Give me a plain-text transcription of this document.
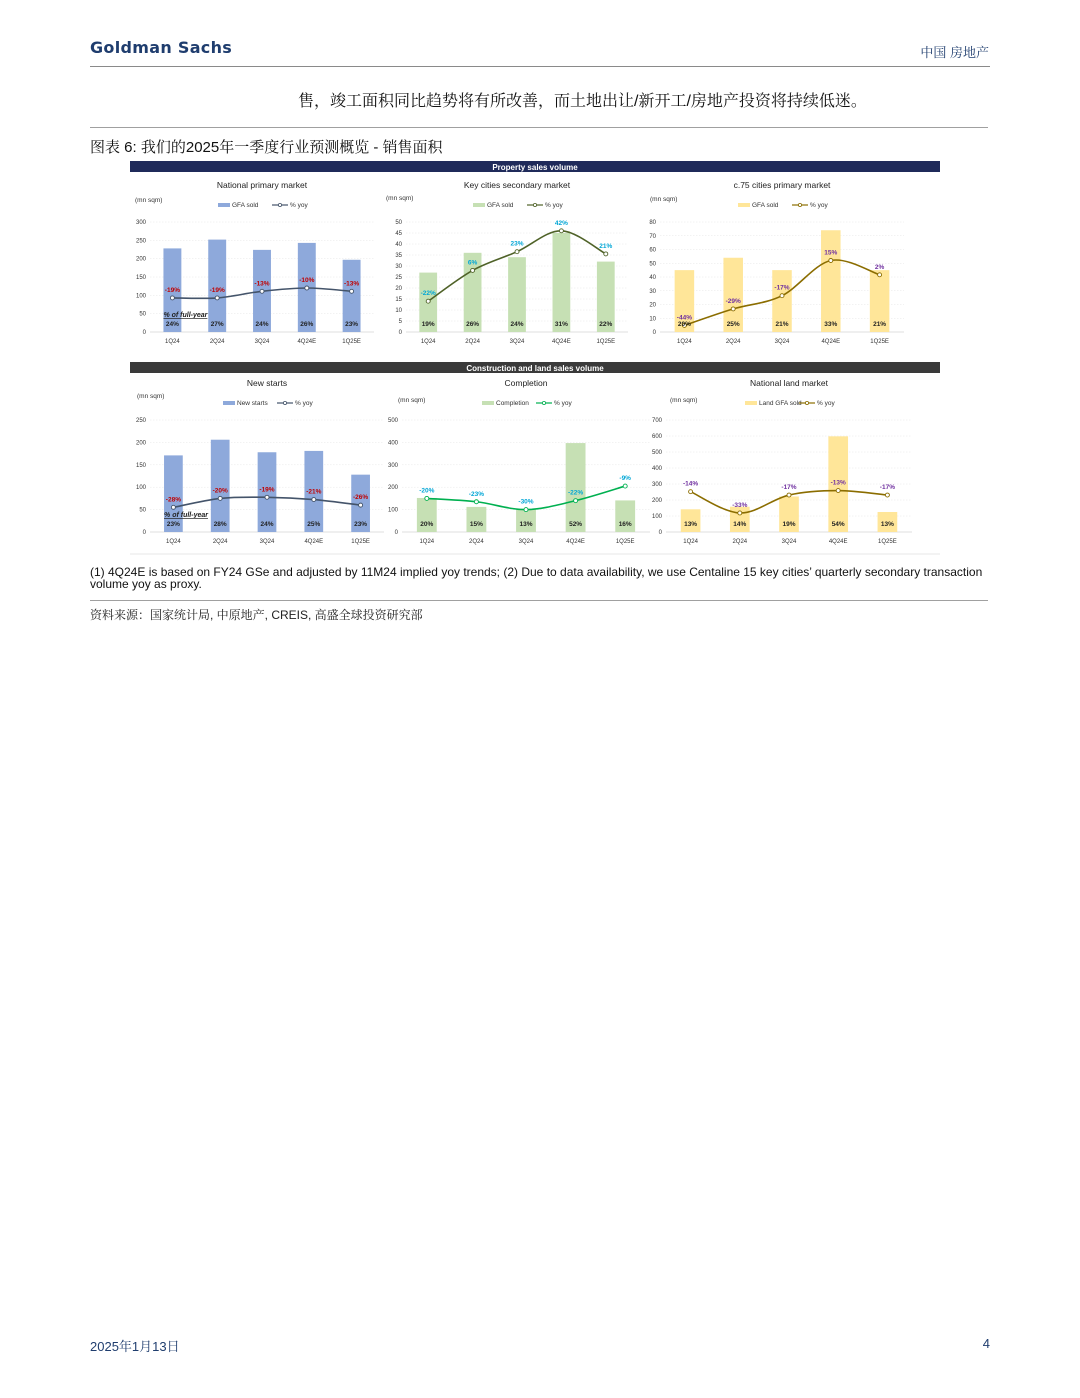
Goldman Sachs	中国 房地产
售，竣工面积同比趋势将有所改善，而土地出让/新开工/房地产投资将持续低迷。
图表 6: 我们的2025年一季度行业预测概览 - 销售面积
Property sales volume
Construction and land sales volume
National primary market
(mn sqm)
GFA sold	% yoy
0
50
100
150
200
250
300
-19%	-19%
-13%	-10%	-13%
24%	27%	24%	26%	23%
% of full-year
1Q24	2Q24	3Q24	4Q24E	1Q25E
Key cities secondary market
(mn sqm)
GFA sold	% yoy
0
5
10
15
20
25
30
35
40
45
50
-22%
6%
23%
42%
21%
19%	26%	24%	31%	22%
1Q24	2Q24	3Q24	4Q24E	1Q25E
c.75 cities primary market
(mn sqm)
GFA sold	% yoy
0
10
20
30
40
50
60
70
80
-44%
-29%
-17%
15%
2%
20%	25%	21%	33%	21%
1Q24	2Q24	3Q24	4Q24E	1Q25E
New starts
(mn sqm)
New starts	% yoy
0
50
100
150
200
250
-28%
-20%	-19%	-21%
-26%
23%	28%	24%	25%	23%
% of full-year
1Q24	2Q24	3Q24	4Q24E	1Q25E
Completion
(mn sqm)	Completion	% yoy
0
100
200
300
400
500
-20%	-23%
-30%
-22%
-9%
20%	15%	13%	52%	16%
1Q24	2Q24	3Q24	4Q24E	1Q25E
National land market
(mn sqm)	Land GFA sold % yoy
0
100
200
300
400
500
600
700
-14%
-33%
-17%
-13%
-17%
13%	14%	19%	54%	13%
1Q24	2Q24	3Q24	4Q24E	1Q25E
(1) 4Q24E is based on FY24 GSe and adjusted by 11M24 implied yoy trends; (2) Due to data availability, we use Centaline 15 key cities’ quarterly secondary transaction volume yoy as proxy.
资料来源：国家统计局, 中原地产, CREIS, 高盛全球投资研究部
2025年1月13日	4
